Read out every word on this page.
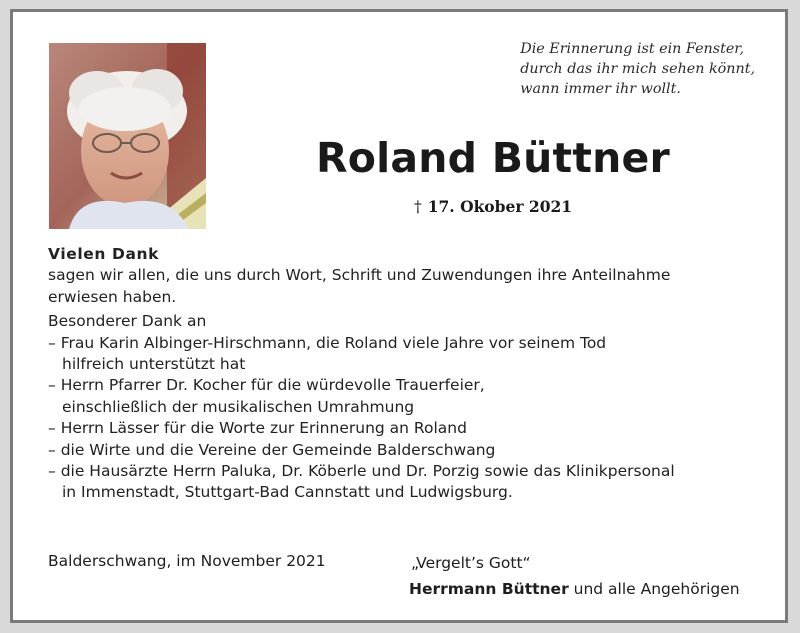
Die Erinnerung ist ein Fenster,
durch das ihr mich sehen könnt,
wann immer ihr wollt.
Roland Büttner
† 17. Okober 2021
Vielen Dank
sagen wir allen, die uns durch Wort, Schrift und Zuwendungen ihre Anteilnahme
erwiesen haben.
Besonderer Dank an
– Frau Karin Albinger-Hirschmann, die Roland viele Jahre vor seinem Tod
hilfreich unterstützt hat
– Herrn Pfarrer Dr. Kocher für die würdevolle Trauerfeier,
einschließlich der musikalischen Umrahmung
– Herrn Lässer für die Worte zur Erinnerung an Roland
– die Wirte und die Vereine der Gemeinde Balderschwang
– die Hausärzte Herrn Paluka, Dr. Köberle und Dr. Porzig sowie das Klinikpersonal
in Immenstadt, Stuttgart-Bad Cannstatt und Ludwigsburg.
Balderschwang, im November 2021	„Vergelt’s Gott“
Herrmann Büttner und alle Angehörigen
